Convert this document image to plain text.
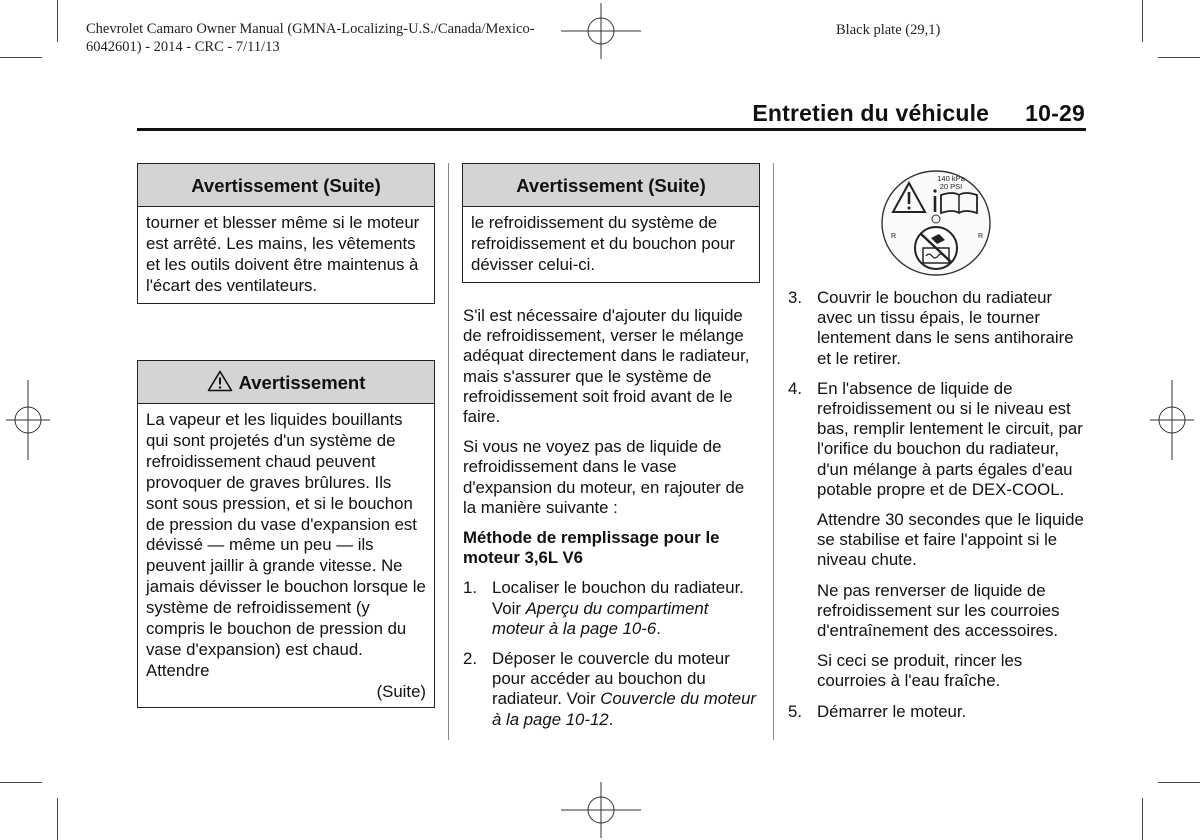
Chevrolet Camaro Owner Manual (GMNA-Localizing-U.S./Canada/Mexico-
6042601) - 2014 - CRC - 7/11/13
Black plate (29,1)
Entretien du véhicule 10-29
Avertissement (Suite)
tourner et blesser même si le moteur est arrêté. Les mains, les vêtements et les outils doivent être maintenus à l'écart des ventilateurs.
Avertissement
La vapeur et les liquides bouillants qui sont projetés d'un système de refroidissement chaud peuvent provoquer de graves brûlures. Ils sont sous pression, et si le bouchon de pression du vase d'expansion est dévissé — même un peu — ils peuvent jaillir à grande vitesse. Ne jamais dévisser le bouchon lorsque le système de refroidissement (y compris le bouchon de pression du vase d'expansion) est chaud. Attendre
(Suite)
Avertissement (Suite)
le refroidissement du système de refroidissement et du bouchon pour dévisser celui-ci.

S'il est nécessaire d'ajouter du liquide de refroidissement, verser le mélange adéquat directement dans le radiateur, mais s'assurer que le système de refroidissement soit froid avant de le faire.

Si vous ne voyez pas de liquide de refroidissement dans le vase d'expansion du moteur, en rajouter de la manière suivante :

Méthode de remplissage pour le moteur 3,6L V6

1. Localiser le bouchon du radiateur. Voir Aperçu du compartiment moteur à la page 10-6.
2. Déposer le couvercle du moteur pour accéder au bouchon du radiateur. Voir Couvercle du moteur à la page 10-12.
140 kPa
20 PSI
R	R
3. Couvrir le bouchon du radiateur avec un tissu épais, le tourner lentement dans le sens antihoraire et le retirer.
4. En l'absence de liquide de refroidissement ou si le niveau est bas, remplir lentement le circuit, par l'orifice du bouchon du radiateur, d'un mélange à parts égales d'eau potable propre et de DEX-COOL.

Attendre 30 secondes que le liquide se stabilise et faire l'appoint si le niveau chute.

Ne pas renverser de liquide de refroidissement sur les courroies d'entraînement des accessoires.

Si ceci se produit, rincer les courroies à l'eau fraîche.

5. Démarrer le moteur.
